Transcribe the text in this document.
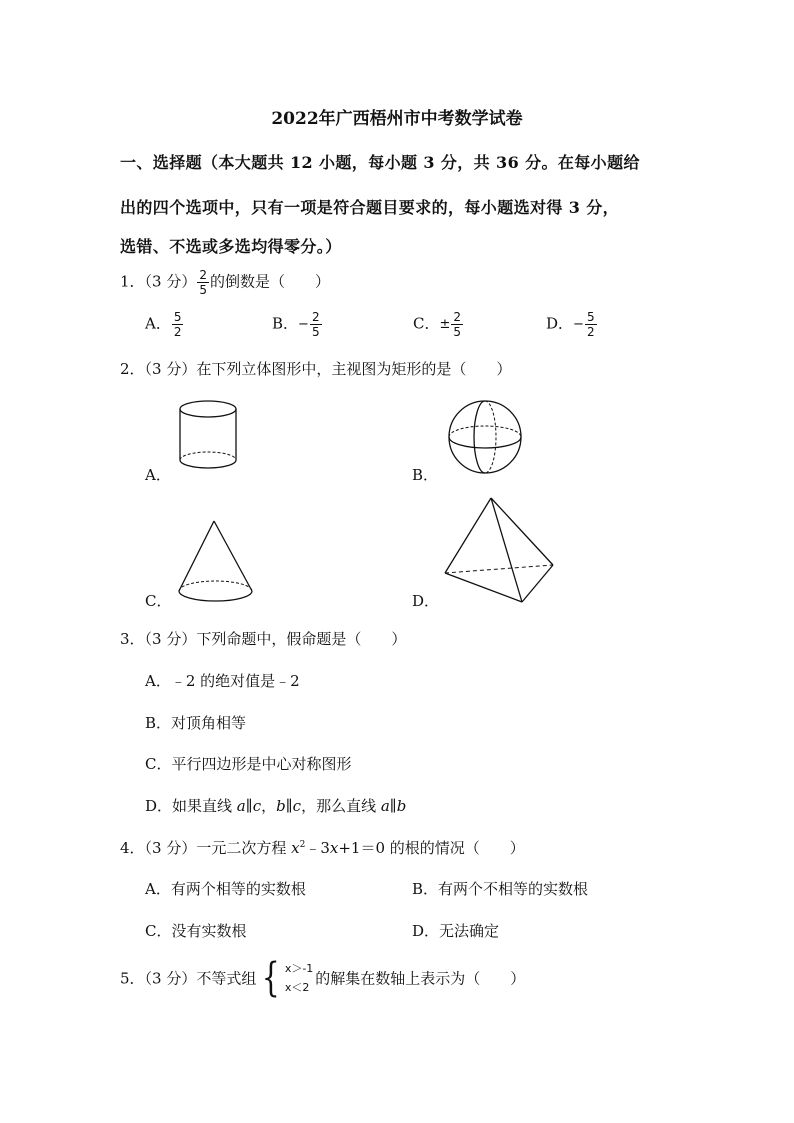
2022年广西梧州市中考数学试卷
一、选择题（本大题共 12 小题，每小题 3 分，共 36 分。在每小题给
出的四个选项中，只有一项是符合题目要求的，每小题选对得 3 分，
选错、不选或多选均得零分。）
1．（3 分） $\frac{2}{5}$ 的倒数是（　　）
A． $\frac{5}{2}$	B．− $\frac{2}{5}$	C．± $\frac{2}{5}$	D．− $\frac{5}{2}$
2．（3 分）在下列立体图形中，主视图为矩形的是（　　）
A．	B．
C．	D．
3．（3 分）下列命题中，假命题是（　　）
A．﹣2 的绝对值是﹣2
B．对顶角相等
C．平行四边形是中心对称图形
D．如果直线 a∥c，b∥c，那么直线 a∥b
4．（3 分）一元二次方程 $x^2﹣3x+1=0$ 的根的情况（　　）
A．有两个相等的实数根	B．有两个不相等的实数根
C．没有实数根	D．无法确定
5．（3 分）不等式组 { x＞-1
x＜2 的解集在数轴上表示为（　　）
